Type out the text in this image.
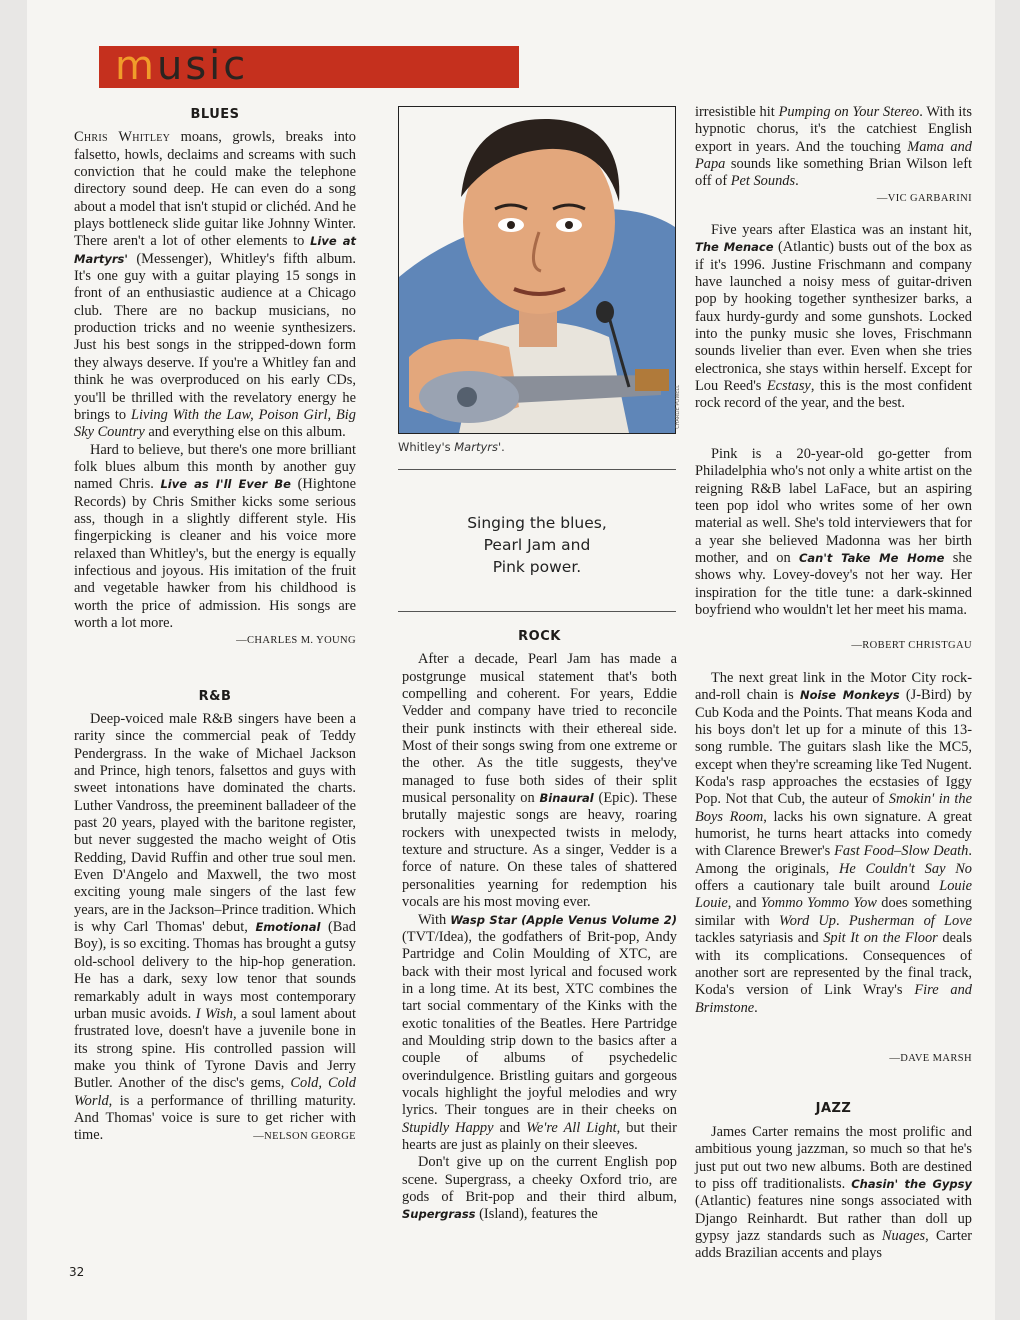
music
BLUES

Chris Whitley moans, growls, breaks into falsetto, howls, declaims and screams with such conviction that he could make the telephone directory sound deep. He can even do a song about a model that isn't stupid or clichéd. And he plays bottleneck slide guitar like Johnny Winter. There aren't a lot of other elements to Live at Martyrs' (Messenger), Whitley's fifth album. It's one guy with a guitar playing 15 songs in front of an enthusiastic audience at a Chicago club. There are no backup musicians, no production tricks and no weenie synthesizers. Just his best songs in the stripped-down form they always deserve. If you're a Whitley fan and think he was overproduced on his early CDs, you'll be thrilled with the revelatory energy he brings to Living With the Law, Poison Girl, Big Sky Country and everything else on this album.

Hard to believe, but there's one more brilliant folk blues album this month by another guy named Chris. Live as I'll Ever Be (Hightone Records) by Chris Smither kicks some serious ass, though in a slightly different style. His fingerpicking is cleaner and his voice more relaxed than Whitley's, but the energy is equally infectious and joyous. His imitation of the fruit and vegetable hawker from his childhood is worth the price of admission. His songs are worth a lot more.

—CHARLES M. YOUNG
R&B

Deep-voiced male R&B singers have been a rarity since the commercial peak of Teddy Pendergrass. In the wake of Michael Jackson and Prince, high tenors, falsettos and guys with sweet intonations have dominated the charts. Luther Vandross, the preeminent balladeer of the past 20 years, played with the baritone register, but never suggested the macho weight of Otis Redding, David Ruffin and other true soul men. Even D'Angelo and Maxwell, the two most exciting young male singers of the last few years, are in the Jackson–Prince tradition. Which is why Carl Thomas' debut, Emotional (Bad Boy), is so exciting. Thomas has brought a gutsy old-school delivery to the hip-hop generation. He has a dark, sexy low tenor that sounds remarkably adult in ways most contemporary urban music avoids. I Wish, a soul lament about frustrated love, doesn't have a juvenile bone in its strong spine. His controlled passion will make you think of Tyrone Davis and Jerry Butler. Another of the disc's gems, Cold, Cold World, is a performance of thrilling maturity. And Thomas' voice is sure to get richer with time.	—NELSON GEORGE
CHARLIE POWELL
Whitley's Martyrs'.
Singing the blues,
Pearl Jam and
Pink power.
ROCK

After a decade, Pearl Jam has made a postgrunge musical statement that's both compelling and coherent. For years, Eddie Vedder and company have tried to reconcile their punk instincts with their ethereal side. Most of their songs swing from one extreme or the other. As the title suggests, they've managed to fuse both sides of their split musical personality on Binaural (Epic). These brutally majestic songs are heavy, roaring rockers with unexpected twists in melody, texture and structure. As a singer, Vedder is a force of nature. On these tales of shattered personalities yearning for redemption his vocals are his most moving ever.

With Wasp Star (Apple Venus Volume 2) (TVT/Idea), the godfathers of Brit-pop, Andy Partridge and Colin Moulding of XTC, are back with their most lyrical and focused work in a long time. At its best, XTC combines the tart social commentary of the Kinks with the exotic tonalities of the Beatles. Here Partridge and Moulding strip down to the basics after a couple of albums of psychedelic overindulgence. Bristling guitars and gorgeous vocals highlight the joyful melodies and wry lyrics. Their tongues are in their cheeks on Stupidly Happy and We're All Light, but their hearts are just as plainly on their sleeves.

Don't give up on the current English pop scene. Supergrass, a cheeky Oxford trio, are gods of Brit-pop and their third album, Supergrass (Island), features the

irresistible hit Pumping on Your Stereo. With its hypnotic chorus, it's the catchiest English export in years. And the touching Mama and Papa sounds like something Brian Wilson left off of Pet Sounds.

—VIC GARBARINI

Five years after Elastica was an instant hit, The Menace (Atlantic) busts out of the box as if it's 1996. Justine Frischmann and company have launched a noisy mess of guitar-driven pop by hooking together synthesizer barks, a faux hurdy-gurdy and some gunshots. Locked into the punky music she loves, Frischmann sounds livelier than ever. Even when she tries electronica, she stays within herself. Except for Lou Reed's Ecstasy, this is the most confident rock record of the year, and the best.

Pink is a 20-year-old go-getter from Philadelphia who's not only a white artist on the reigning R&B label LaFace, but an aspiring teen pop idol who writes some of her own material as well. She's told interviewers that for a year she believed Madonna was her birth mother, and on Can't Take Me Home she shows why. Lovey-dovey's not her way. Her inspiration for the title tune: a dark-skinned boyfriend who wouldn't let her meet his mama.

—ROBERT CHRISTGAU

The next great link in the Motor City rock-and-roll chain is Noise Monkeys (J-Bird) by Cub Koda and the Points. That means Koda and his boys don't let up for a minute of this 13-song rumble. The guitars slash like the MC5, except when they're screaming like Ted Nugent. Koda's rasp approaches the ecstasies of Iggy Pop. Not that Cub, the auteur of Smokin' in the Boys Room, lacks his own signature. A great humorist, he turns heart attacks into comedy with Clarence Brewer's Fast Food–Slow Death. Among the originals, He Couldn't Say No offers a cautionary tale built around Louie Louie, and Yommo Yommo Yow does something similar with Word Up. Pusherman of Love tackles satyriasis and Spit It on the Floor deals with its complications. Consequences of another sort are represented by the final track, Koda's version of Link Wray's Fire and Brimstone.

—DAVE MARSH
JAZZ

James Carter remains the most prolific and ambitious young jazzman, so much so that he's just put out two new albums. Both are destined to piss off traditionalists. Chasin' the Gypsy (Atlantic) features nine songs associated with Django Reinhardt. But rather than doll up gypsy jazz standards such as Nuages, Carter adds Brazilian accents and plays

32
